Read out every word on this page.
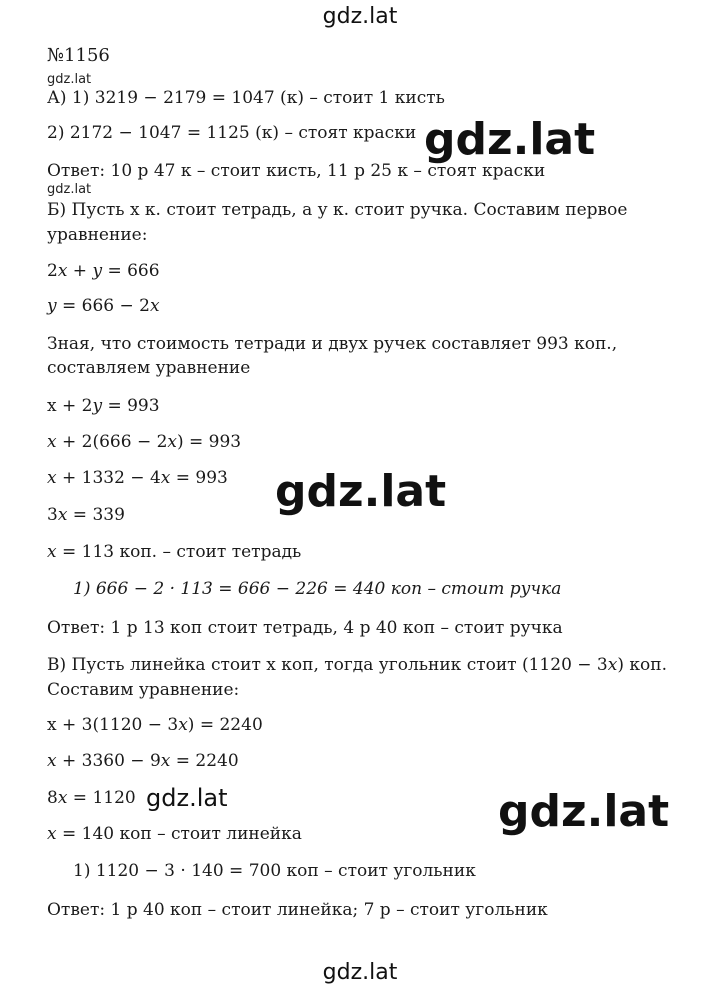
gdz.lat
№1156
gdz.lat
А) 1) 3219 − 2179 = 1047 (к) – стоит 1 кисть
2) 2172 − 1047 = 1125 (к) – стоят краски gdz.lat
Ответ: 10 р 47 к – стоит кисть, 11 р 25 к – стоят краски
gdz.lat
Б) Пусть х к. стоит тетрадь, а у к. стоит ручка. Составим первое
уравнение:
2𝑥 + 𝑦 = 666
𝑦 = 666 − 2𝑥
Зная, что стоимость тетради и двух ручек составляет 993 коп.,
составляем уравнение
х + 2𝑦 = 993
𝑥 + 2(666 − 2𝑥) = 993
𝑥 + 1332 − 4𝑥 = 993 gdz.lat
3𝑥 = 339
𝑥 = 113 коп. – стоит тетрадь
1) 666 − 2 · 113 = 666 − 226 = 440 коп – стоит ручка
Ответ: 1 р 13 коп стоит тетрадь, 4 р 40 коп – стоит ручка
В) Пусть линейка стоит х коп, тогда угольник стоит (1120 − 3𝑥) коп.
Составим уравнение:
х + 3(1120 − 3𝑥) = 2240
𝑥 + 3360 − 9𝑥 = 2240
8𝑥 = 1120 gdz.lat	gdz.lat
𝑥 = 140 коп – стоит линейка
1) 1120 − 3 · 140 = 700 коп – стоит угольник
Ответ: 1 р 40 коп – стоит линейка; 7 р – стоит угольник
gdz.lat
